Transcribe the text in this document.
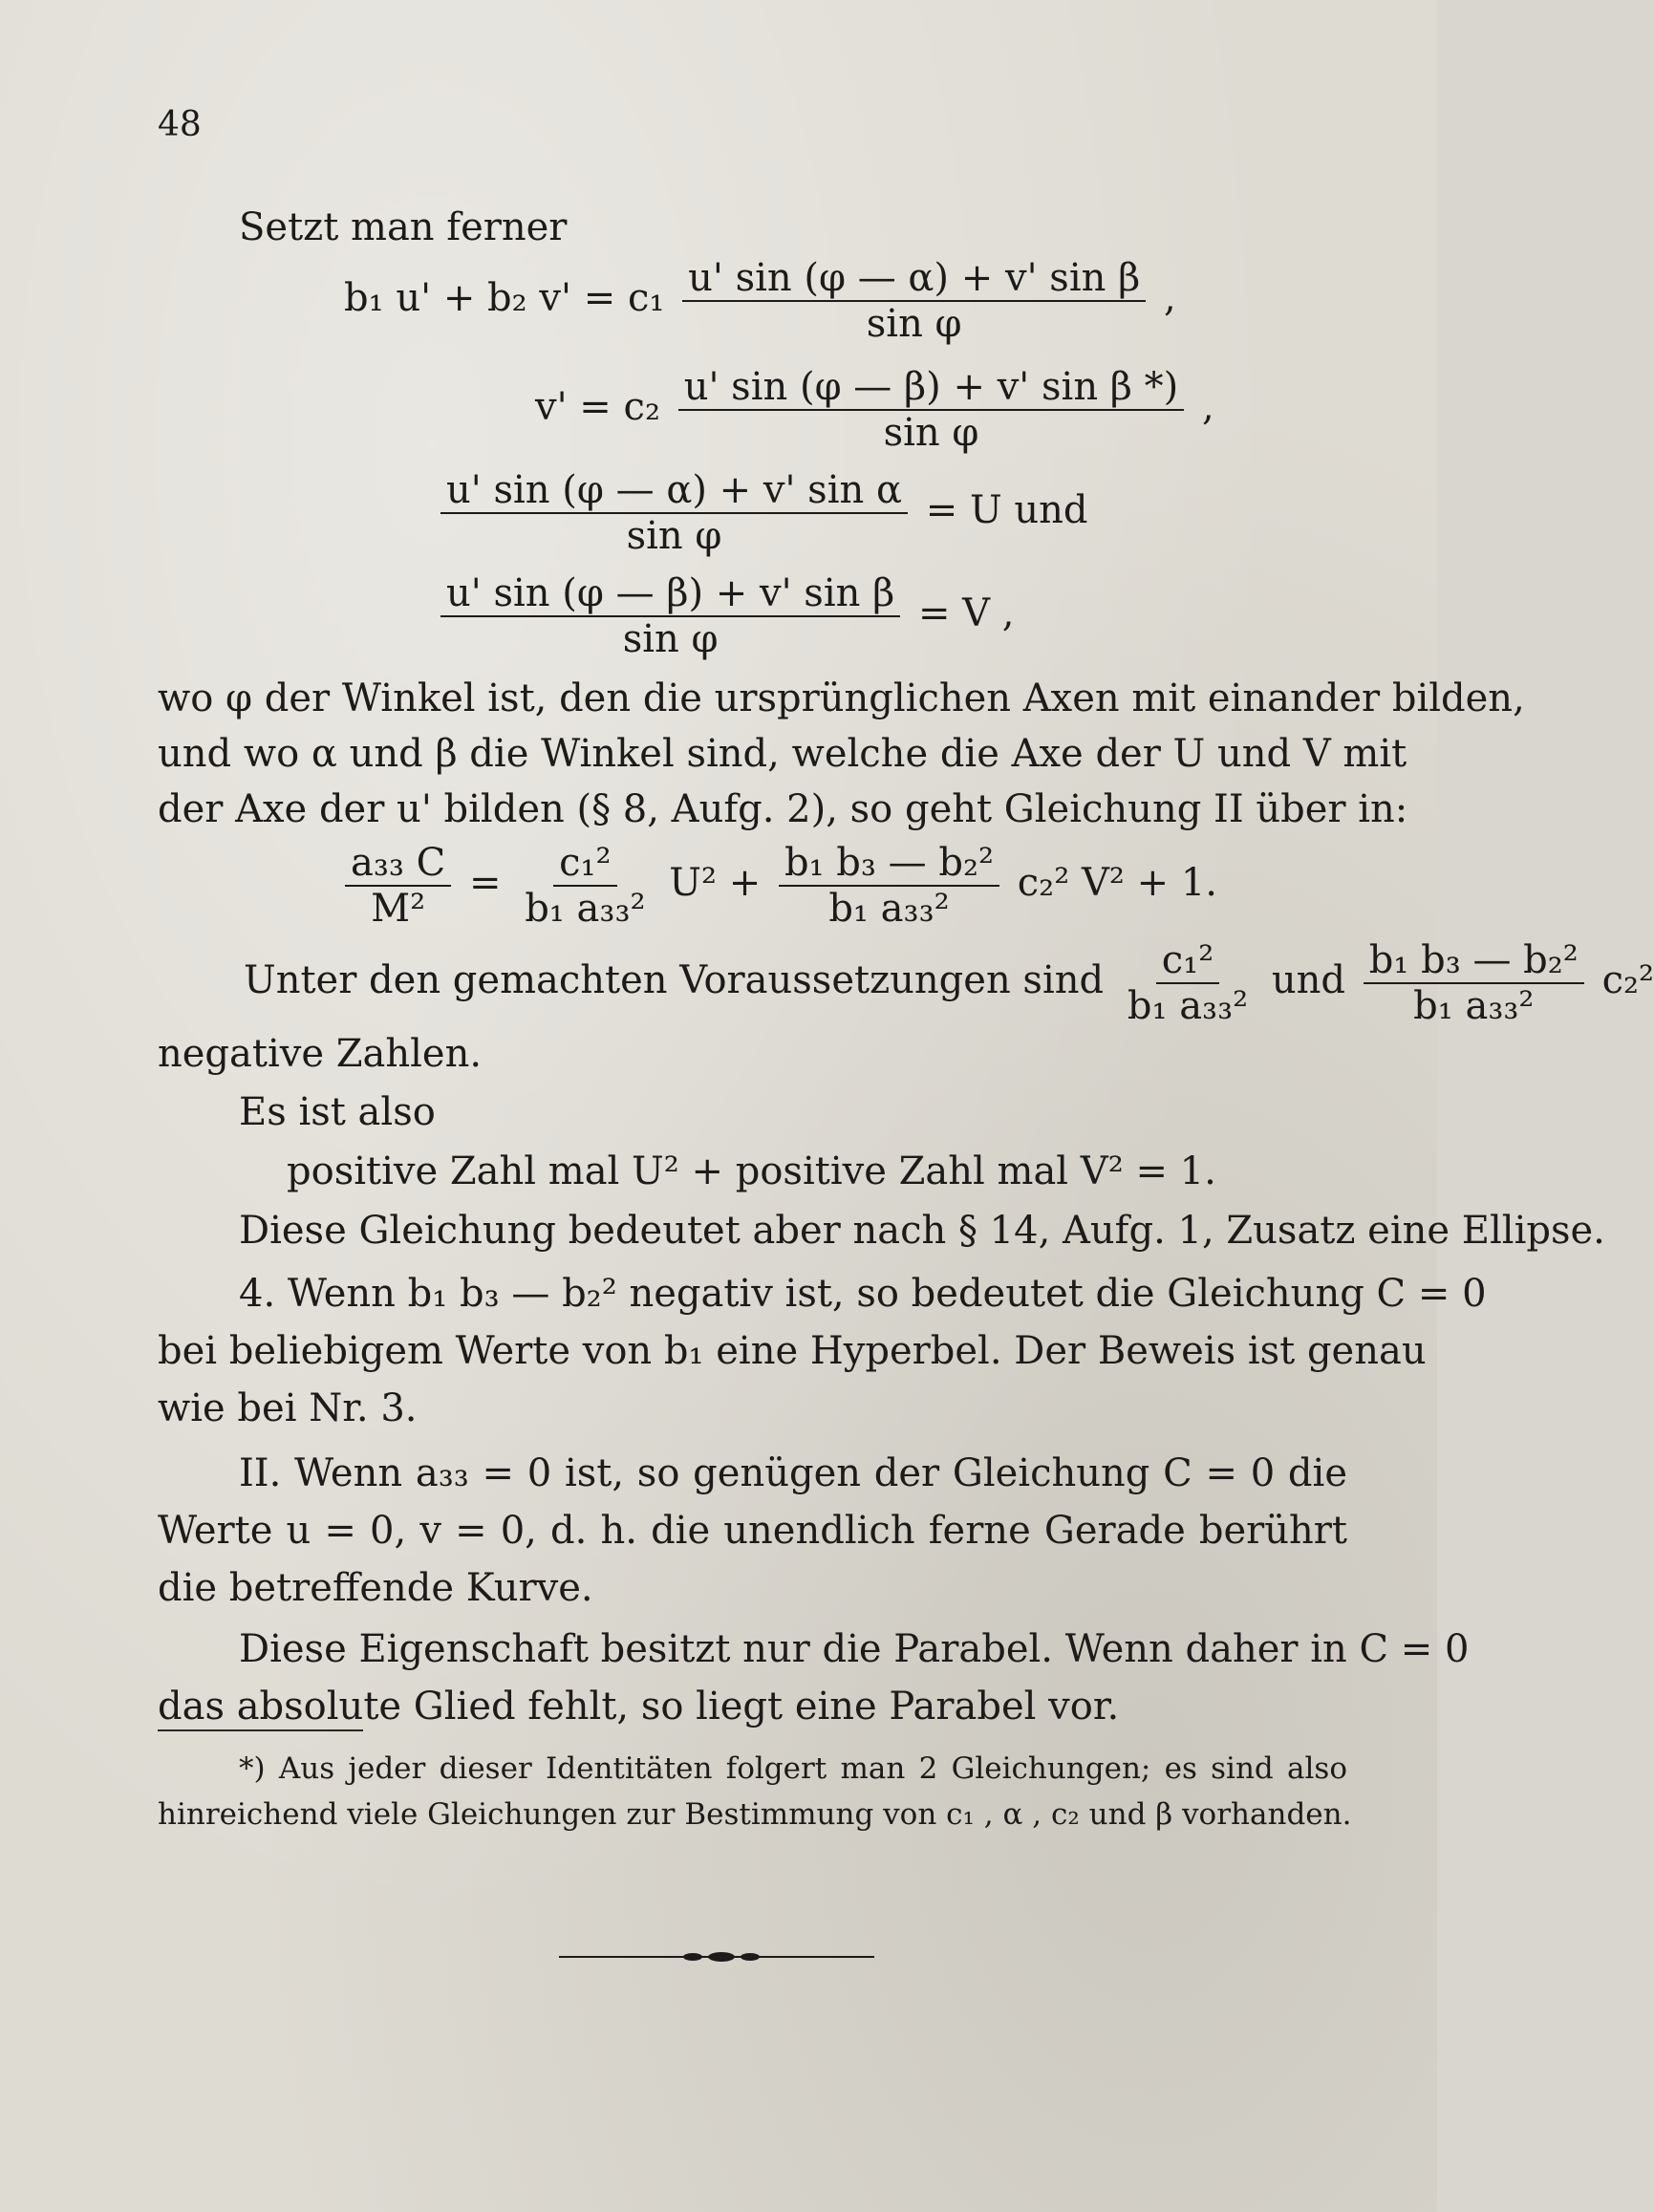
48
Setzt man ferner
b₁ u' + b₂ $v' = c_1 \frac{\text{u' sin (φ — α) + v' sin β}}{\text{sin φ}}$ ,
$v' = c_2 \frac{\text{u' sin (φ — β) + v' sin β *)}}{\text{sin φ}}$ ,
$\frac{\text{u' sin (φ — α) + v' sin α}}{\text{sin φ}} = U$ und
$\frac{\text{u' sin (φ — β) + v' sin β}}{\text{sin φ}} = V$ ,
wo φ der Winkel ist, den die ursprünglichen Axen mit einander bilden,
und wo α und β die Winkel sind, welche die Axe der U und V mit
der Axe der u' bilden (§ 8, Aufg. 2), so geht Gleichung II über in:
$\frac{\text{a₃₃ C}}{\text{M²}} = \frac{\text{c₁²}}{\text{b₁ a₃₃²}} U^2 + \frac{\text{b₁ b₃ — b₂²}}{\text{b₁ a₃₃²}} c_2^2$ V² + 1.
Unter den gemachten Voraussetzungen sind $\frac{\text{c₁²}}{\text{b₁ a₃₃²}}$ und $\frac{\text{b₁ b₃ — b₂²}}{\text{b₁ a₃₃²}} c_2^2$
negative Zahlen.
Es ist also
positive Zahl mal U² + positive Zahl mal V² = 1.
Diese Gleichung bedeutet aber nach § 14, Aufg. 1, Zusatz eine Ellipse.
4. Wenn b₁ b₃ — b₂² negativ ist, so bedeutet die Gleichung C = 0
bei beliebigem Werte von b₁ eine Hyperbel. Der Beweis ist genau
wie bei Nr. 3.
II. Wenn a₃₃ = 0 ist, so genügen der Gleichung C = 0 die
Werte u = 0, v = 0, d. h. die unendlich ferne Gerade berührt
die betreffende Kurve.
Diese Eigenschaft besitzt nur die Parabel. Wenn daher in C = 0
das absolute Glied fehlt, so liegt eine Parabel vor.
*) Aus jeder dieser Identitäten folgert man 2 Gleichungen; es sind also
hinreichend viele Gleichungen zur Bestimmung von c₁ , α , c₂ und β vorhanden.
